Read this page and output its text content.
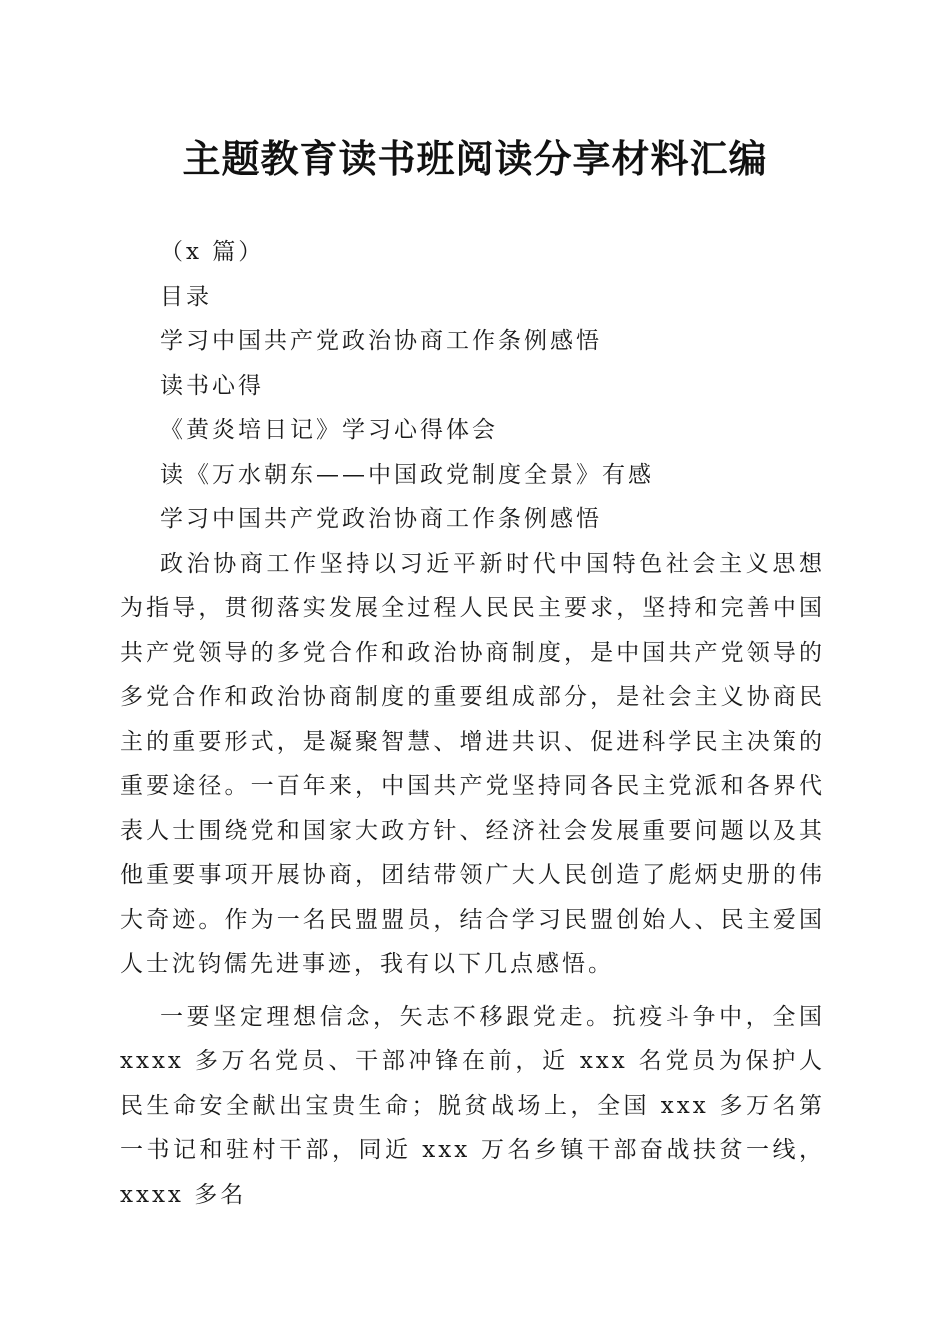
主题教育读书班阅读分享材料汇编

（x 篇）

目录

学习中国共产党政治协商工作条例感悟

读书心得

《黄炎培日记》学习心得体会

读《万水朝东——中国政党制度全景》有感

学习中国共产党政治协商工作条例感悟

政治协商工作坚持以习近平新时代中国特色社会主义思想为指导，贯彻落实发展全过程人民民主要求，坚持和完善中国共产党领导的多党合作和政治协商制度，是中国共产党领导的多党合作和政治协商制度的重要组成部分，是社会主义协商民主的重要形式，是凝聚智慧、增进共识、促进科学民主决策的重要途径。一百年来，中国共产党坚持同各民主党派和各界代表人士围绕党和国家大政方针、经济社会发展重要问题以及其他重要事项开展协商，团结带领广大人民创造了彪炳史册的伟大奇迹。作为一名民盟盟员，结合学习民盟创始人、民主爱国人士沈钧儒先进事迹，我有以下几点感悟。

一要坚定理想信念，矢志不移跟党走。抗疫斗争中，全国 xxxx 多万名党员、干部冲锋在前，近 xxx 名党员为保护人民生命安全献出宝贵生命；脱贫战场上，全国 xxx 多万名第一书记和驻村干部，同近 xxx 万名乡镇干部奋战扶贫一线，xxxx 多名
